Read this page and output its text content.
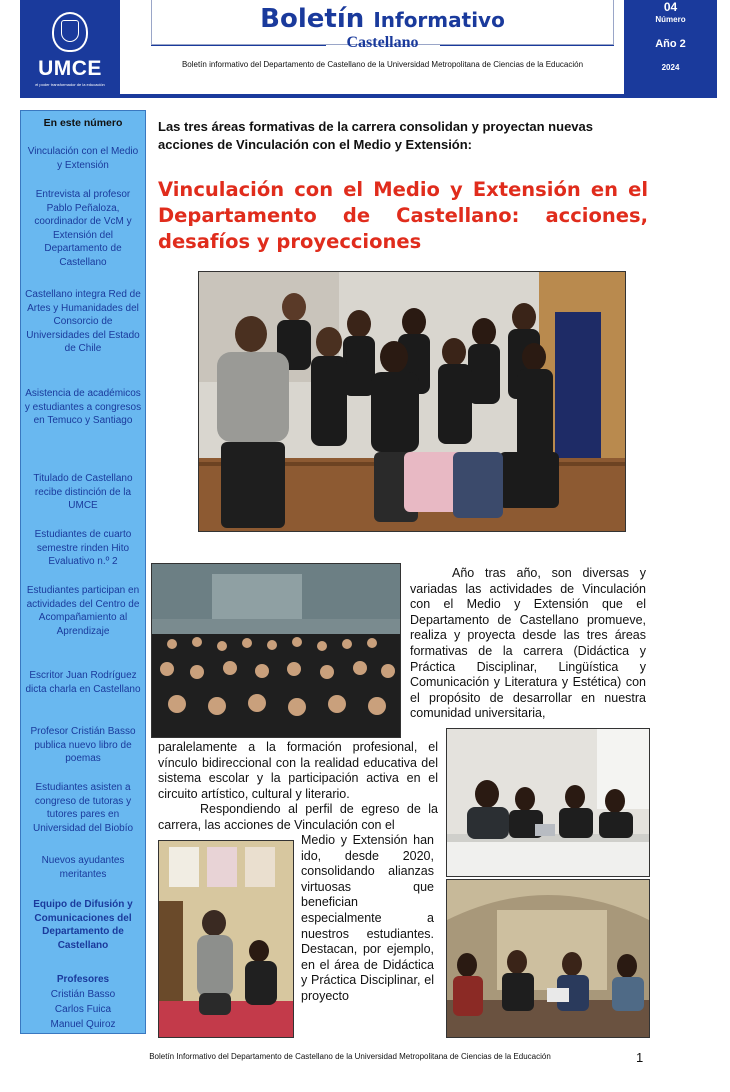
UMCE
el poder transformador de la educación
Boletín Informativo
Castellano
Boletín informativo del Departamento de Castellano de la Universidad Metropolitana de Ciencias de la Educación
04
Número
Año 2
2024
En este número
Vinculación con el Medio y Extensión
Entrevista al profesor Pablo Peñaloza, coordinador de VcM y Extensión del Departamento de Castellano
Castellano integra Red de Artes y Humanidades del Consorcio de Universidades del Estado de Chile
Asistencia de académicos y estudiantes a congresos en Temuco y Santiago
Titulado de Castellano recibe distinción de la UMCE
Estudiantes de cuarto semestre rinden Hito Evaluativo n.º 2
Estudiantes participan en actividades del Centro de Acompañamiento al Aprendizaje
Escritor Juan Rodríguez dicta charla en Castellano
Profesor Cristián Basso publica nuevo libro de poemas
Estudiantes asisten a congreso de tutoras y tutores pares en Universidad del Biobío
Nuevos ayudantes meritantes
Equipo de Difusión y Comunicaciones del Departamento de Castellano
Profesores
Cristián Basso
Carlos Fuica
Manuel Quiroz
Las tres áreas formativas de la carrera consolidan y proyectan nuevas acciones de Vinculación con el Medio y Extensión:
Vinculación con el Medio y Extensión en el Departamento de Castellano: acciones, desafíos y proyecciones
Año tras año, son diversas y variadas las actividades de Vinculación con el Medio y Extensión que el Departamento de Castellano promueve, realiza y proyecta desde las tres áreas formativas de la carrera (Didáctica y Práctica Disciplinar, Lingüística y Comunicación y Literatura y Estética) con el propósito de desarrollar en nuestra comunidad universitaria,
paralelamente a la formación profesional, el vínculo bidireccional con la realidad educativa del sistema escolar y la participación activa en el circuito artístico, cultural y literario.
Respondiendo al perfil de egreso de la carrera, las acciones de Vinculación con el
Medio y Extensión han ido, desde 2020, consolidando alianzas virtuosas que benefician especialmente a nuestros estudiantes. Destacan, por ejemplo, en el área de Didáctica y Práctica Disciplinar, el proyecto
Boletín Informativo del Departamento de Castellano de la Universidad Metropolitana de Ciencias de la Educación	1
